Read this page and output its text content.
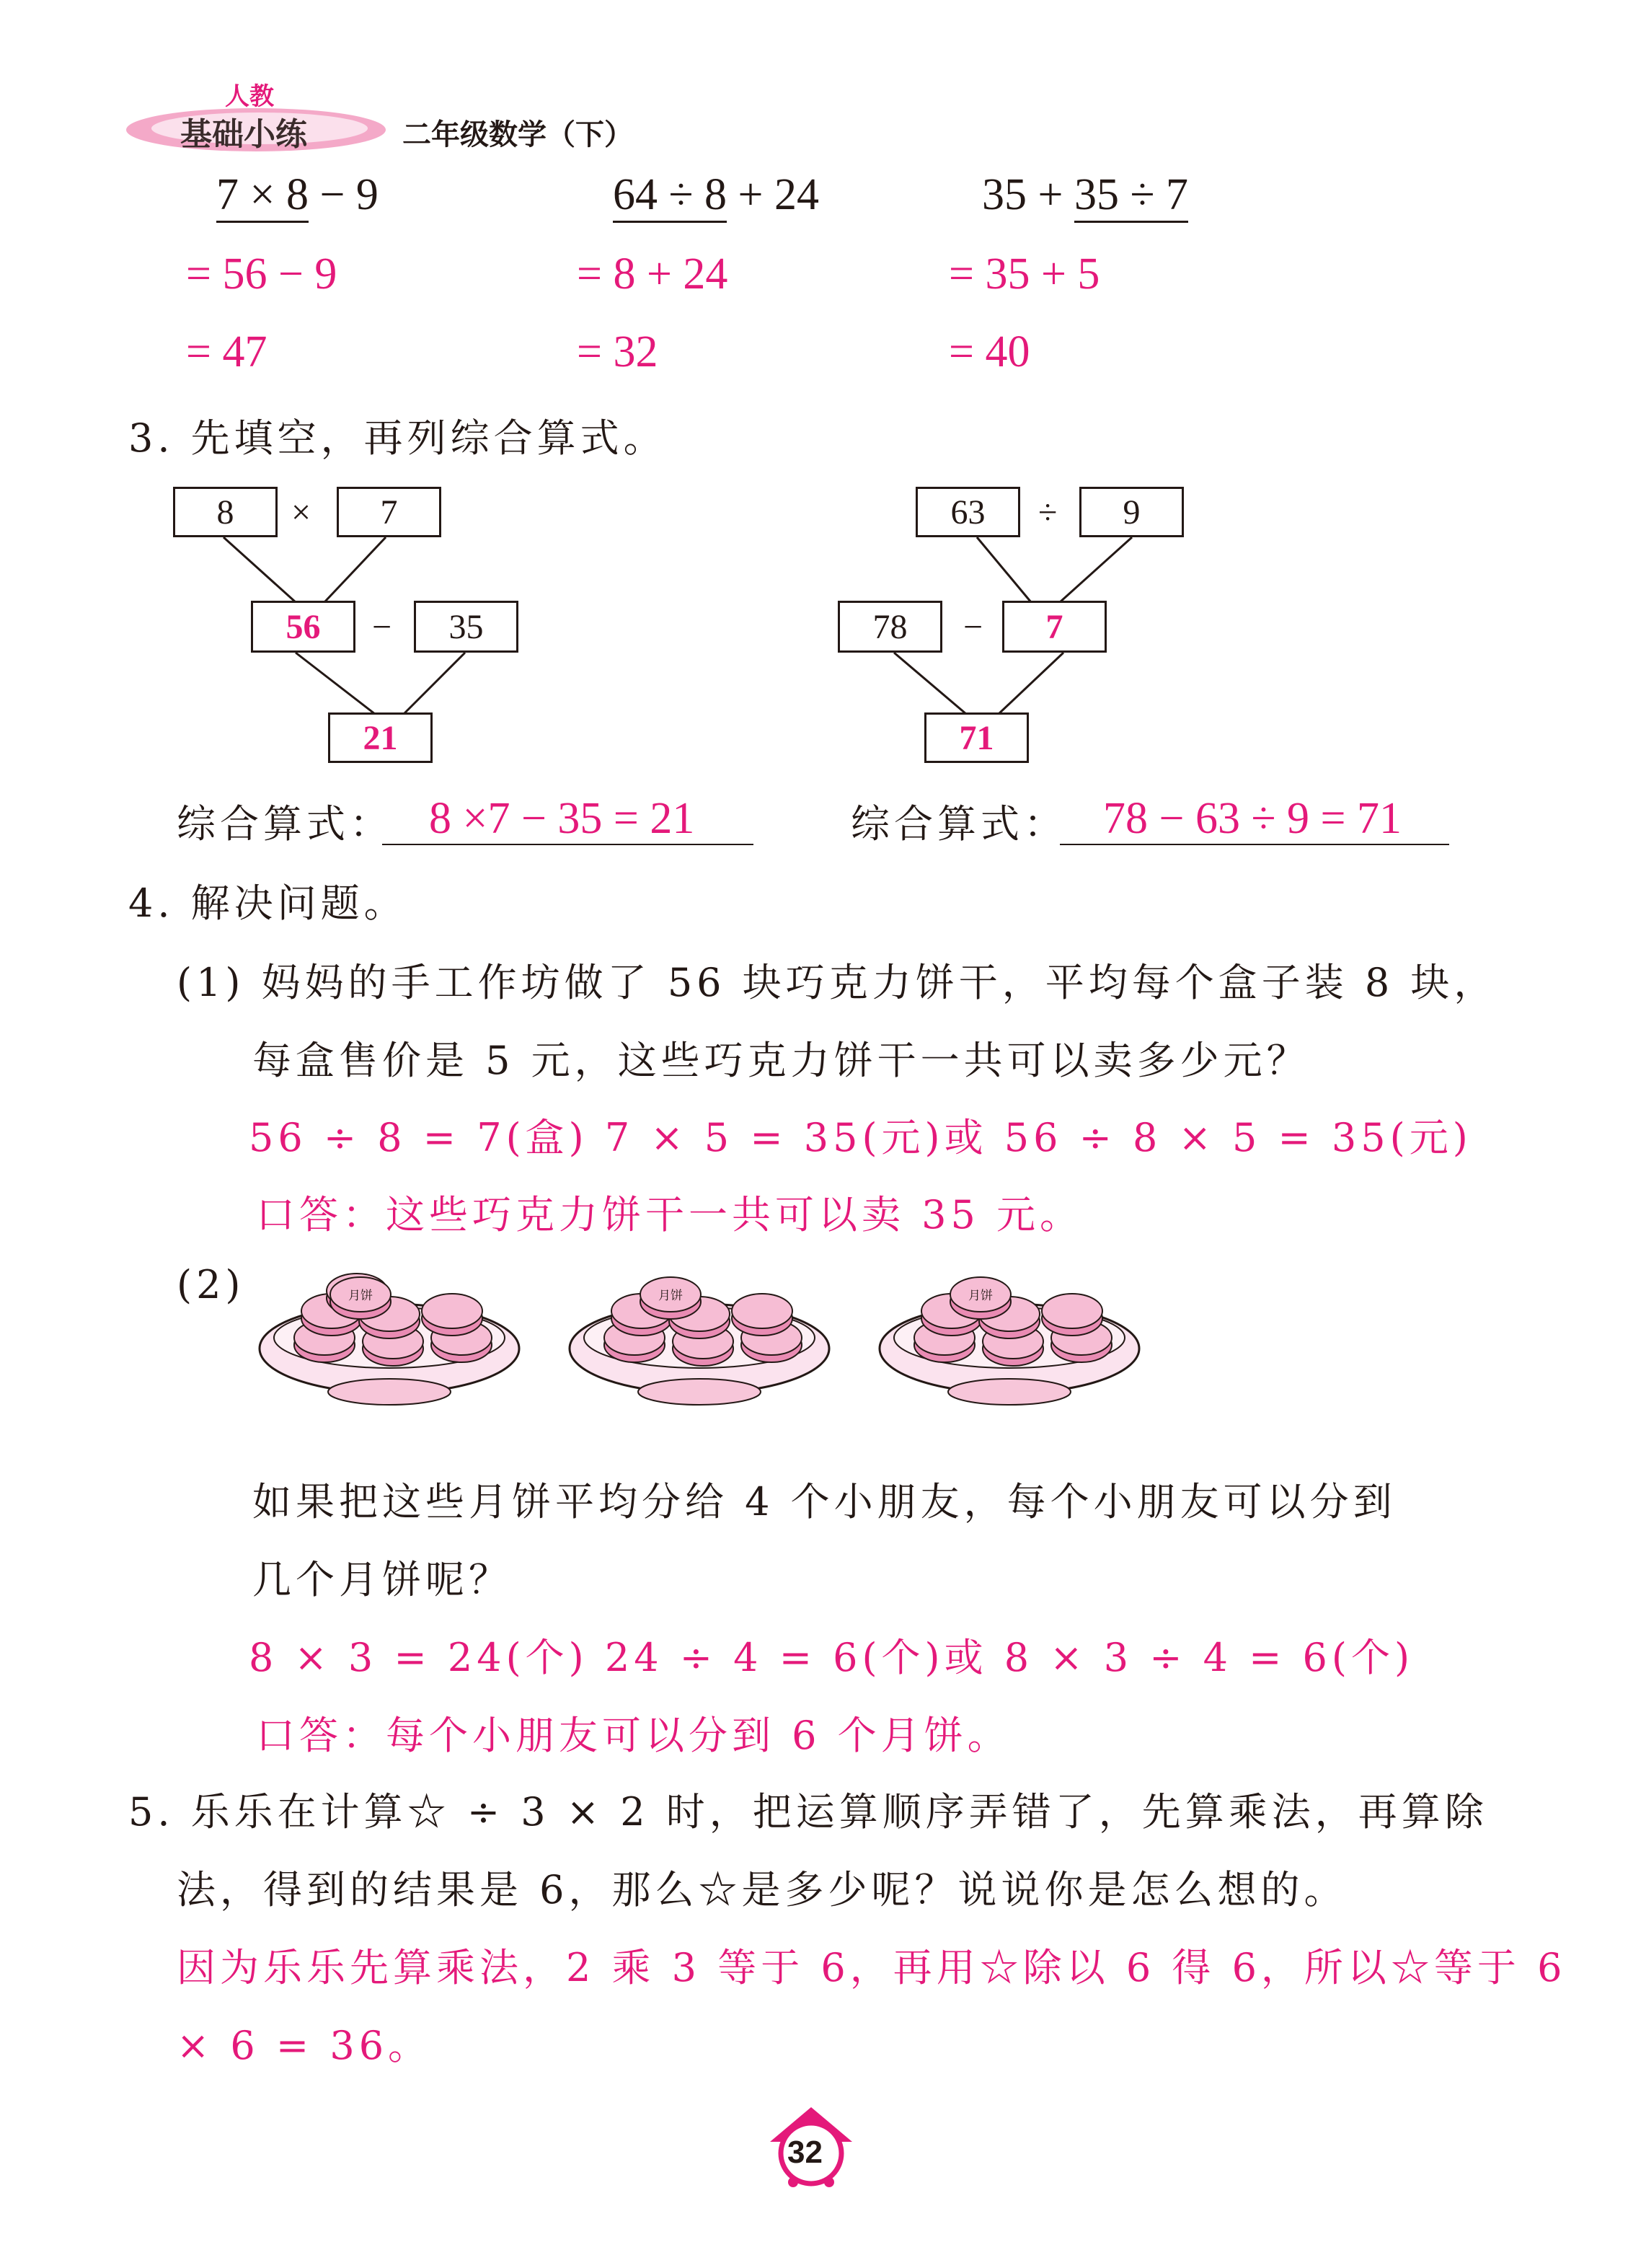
人教
基础小练	二年级数学（下）
7 × 8 − 9
= 56 − 9
= 47
64 ÷ 8 + 24
= 8 + 24
= 32
35 + 35 ÷ 7
= 35 + 5
= 40
3. 先填空，再列综合算式。
8	×	7
56	−	35
21
63	÷	9
78	−	7
71
综合算式： 8 ×7 − 35 = 21	综合算式： 78 − 63 ÷ 9 = 71
4. 解决问题。
(1) 妈妈的手工作坊做了 56 块巧克力饼干，平均每个盒子装 8 块，
每盒售价是 5 元，这些巧克力饼干一共可以卖多少元？
56 ÷ 8 = 7(盒) 7 × 5 = 35(元)或 56 ÷ 8 × 5 = 35(元)
口答：这些巧克力饼干一共可以卖 35 元。
(2)	月饼	月饼	月饼
如果把这些月饼平均分给 4 个小朋友，每个小朋友可以分到
几个月饼呢？
8 × 3 = 24(个) 24 ÷ 4 = 6(个)或 8 × 3 ÷ 4 = 6(个)
口答：每个小朋友可以分到 6 个月饼。
5. 乐乐在计算☆ ÷ 3 × 2 时，把运算顺序弄错了，先算乘法，再算除
法，得到的结果是 6，那么☆是多少呢？说说你是怎么想的。
因为乐乐先算乘法，2 乘 3 等于 6，再用☆除以 6 得 6，所以☆等于 6
× 6 = 36。
32
